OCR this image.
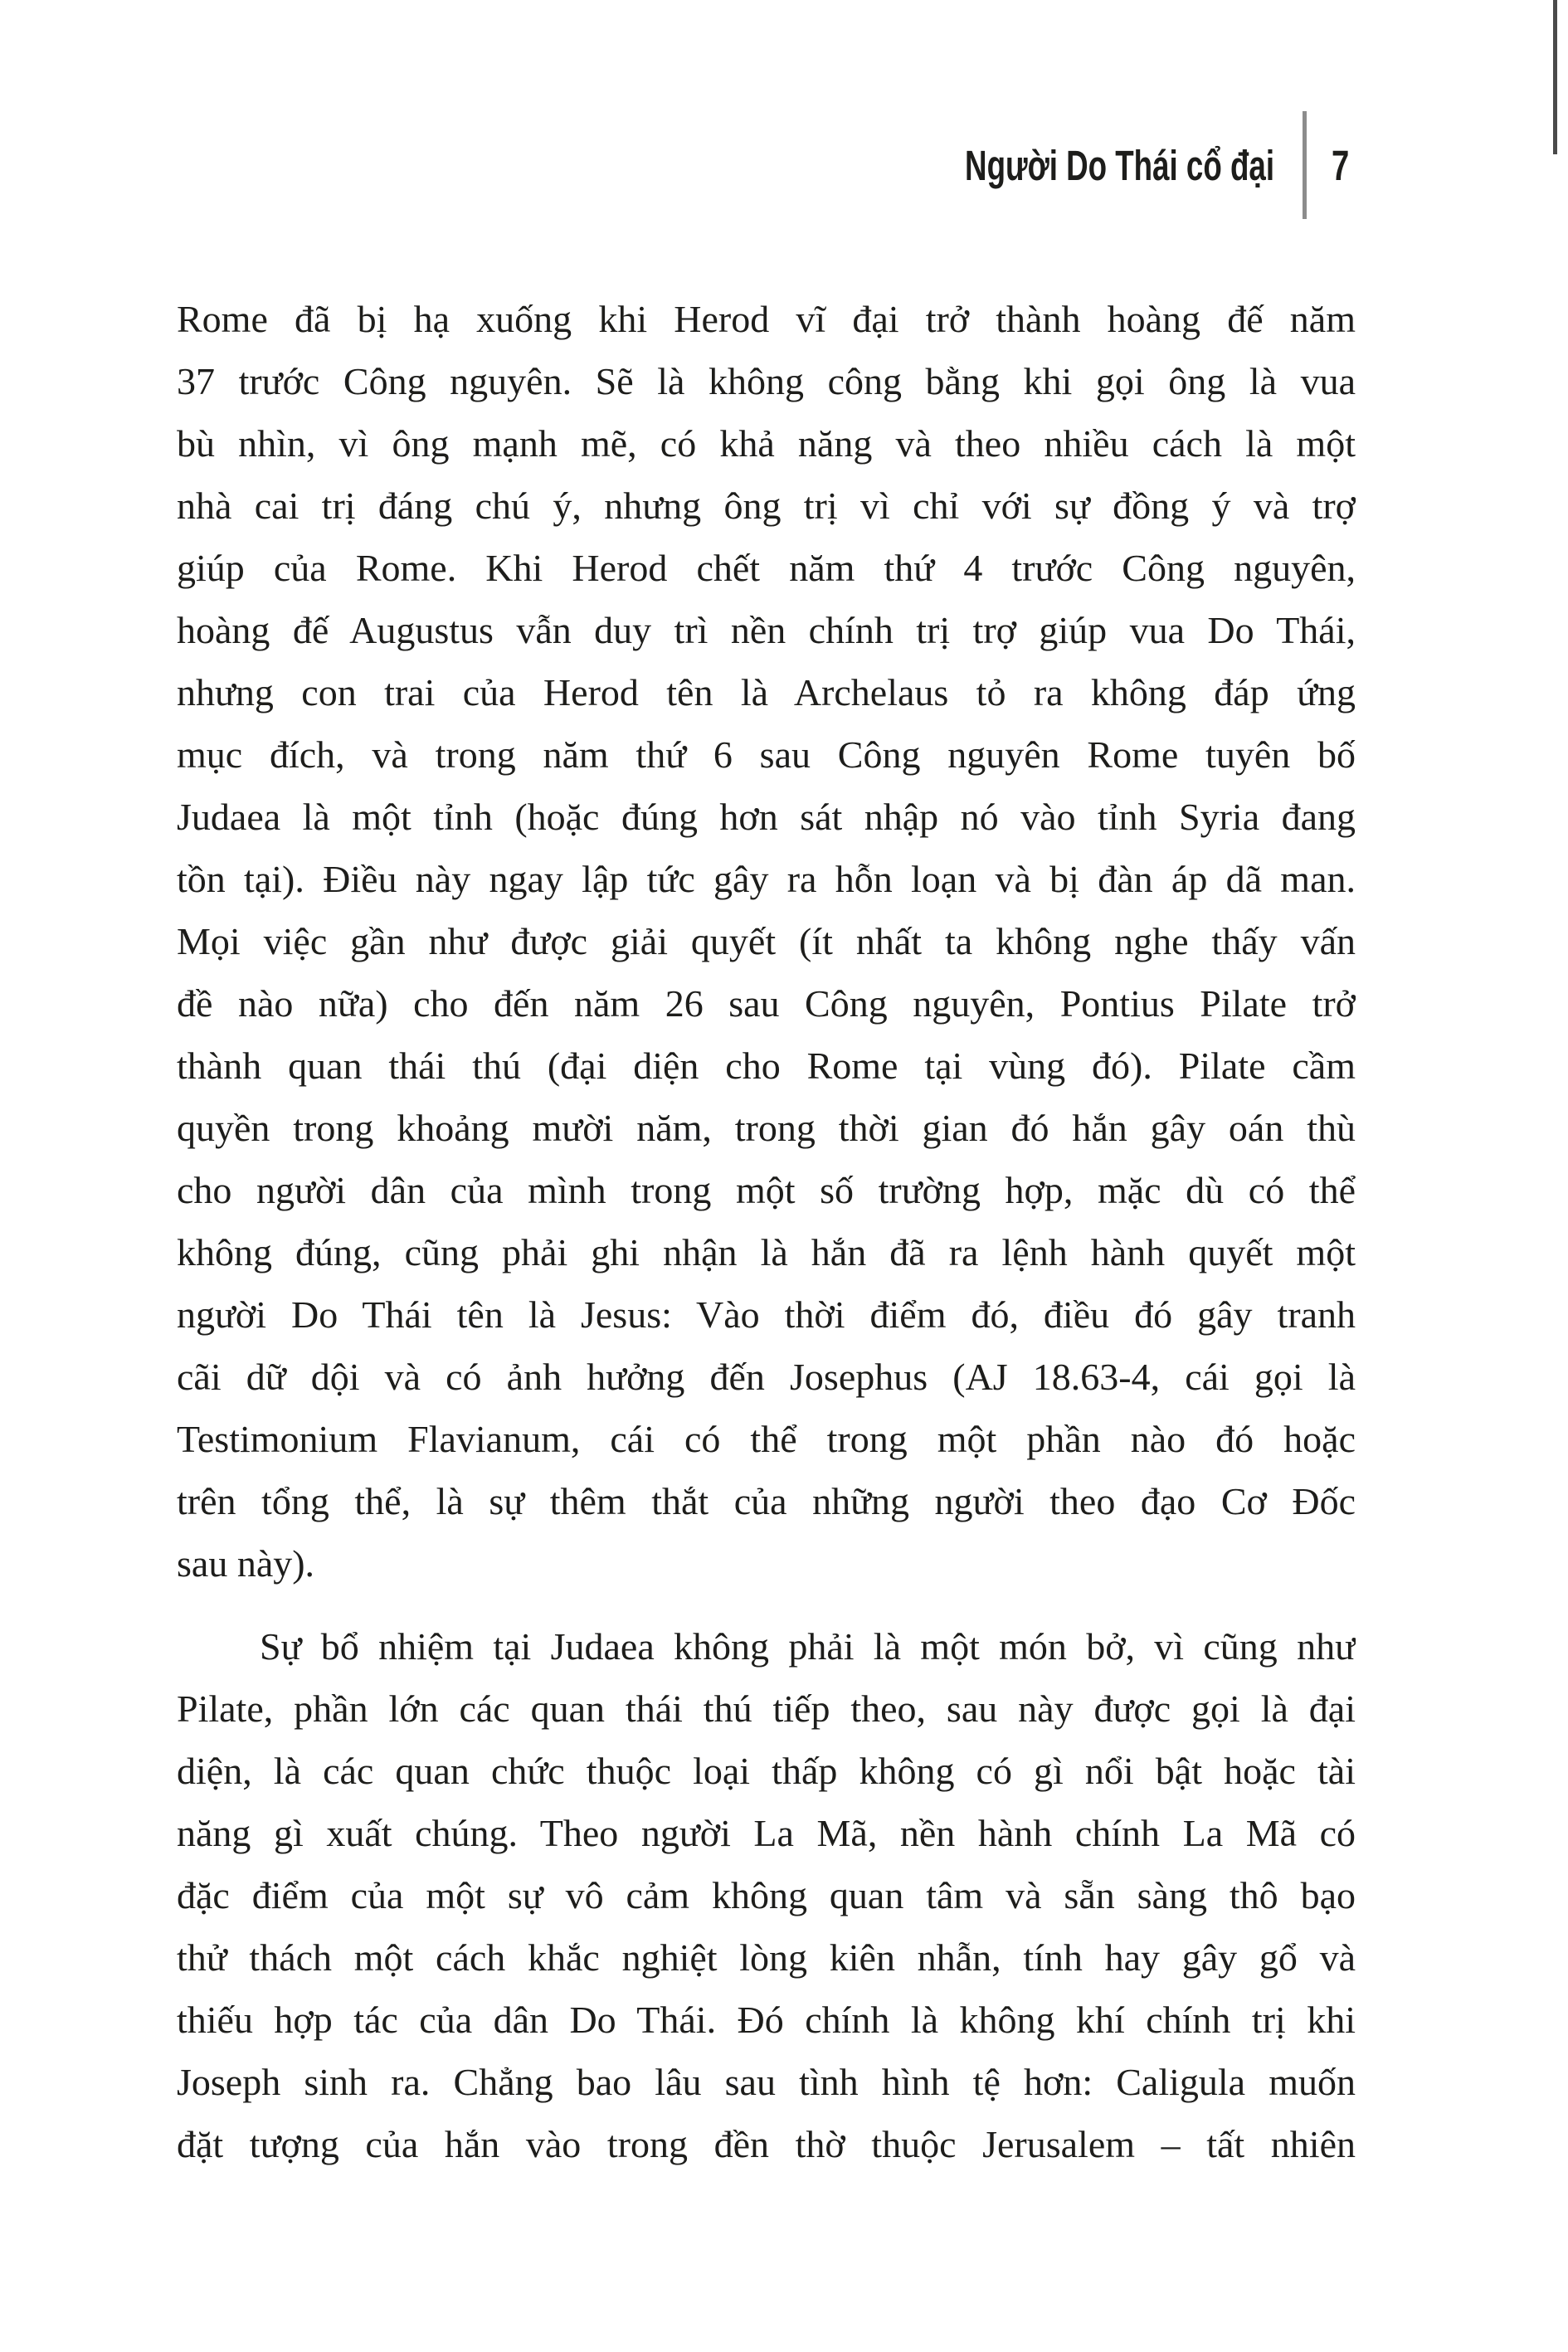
Người Do Thái cổ đại 7
Rome đã bị hạ xuống khi Herod vĩ đại trở thành hoàng đế năm
37 trước Công nguyên. Sẽ là không công bằng khi gọi ông là vua
bù nhìn, vì ông mạnh mẽ, có khả năng và theo nhiều cách là một
nhà cai trị đáng chú ý, nhưng ông trị vì chỉ với sự đồng ý và trợ
giúp của Rome. Khi Herod chết năm thứ 4 trước Công nguyên,
hoàng đế Augustus vẫn duy trì nền chính trị trợ giúp vua Do Thái,
nhưng con trai của Herod tên là Archelaus tỏ ra không đáp ứng
mục đích, và trong năm thứ 6 sau Công nguyên Rome tuyên bố
Judaea là một tỉnh (hoặc đúng hơn sát nhập nó vào tỉnh Syria đang
tồn tại). Điều này ngay lập tức gây ra hỗn loạn và bị đàn áp dã man.
Mọi việc gần như được giải quyết (ít nhất ta không nghe thấy vấn
đề nào nữa) cho đến năm 26 sau Công nguyên, Pontius Pilate trở
thành quan thái thú (đại diện cho Rome tại vùng đó). Pilate cầm
quyền trong khoảng mười năm, trong thời gian đó hắn gây oán thù
cho người dân của mình trong một số trường hợp, mặc dù có thể
không đúng, cũng phải ghi nhận là hắn đã ra lệnh hành quyết một
người Do Thái tên là Jesus: Vào thời điểm đó, điều đó gây tranh
cãi dữ dội và có ảnh hưởng đến Josephus (AJ 18.63-4, cái gọi là
Testimonium Flavianum, cái có thể trong một phần nào đó hoặc
trên tổng thể, là sự thêm thắt của những người theo đạo Cơ Đốc
sau này).
Sự bổ nhiệm tại Judaea không phải là một món bở, vì cũng như
Pilate, phần lớn các quan thái thú tiếp theo, sau này được gọi là đại
diện, là các quan chức thuộc loại thấp không có gì nổi bật hoặc tài
năng gì xuất chúng. Theo người La Mã, nền hành chính La Mã có
đặc điểm của một sự vô cảm không quan tâm và sẵn sàng thô bạo
thử thách một cách khắc nghiệt lòng kiên nhẫn, tính hay gây gổ và
thiếu hợp tác của dân Do Thái. Đó chính là không khí chính trị khi
Joseph sinh ra. Chẳng bao lâu sau tình hình tệ hơn: Caligula muốn
đặt tượng của hắn vào trong đền thờ thuộc Jerusalem – tất nhiên
